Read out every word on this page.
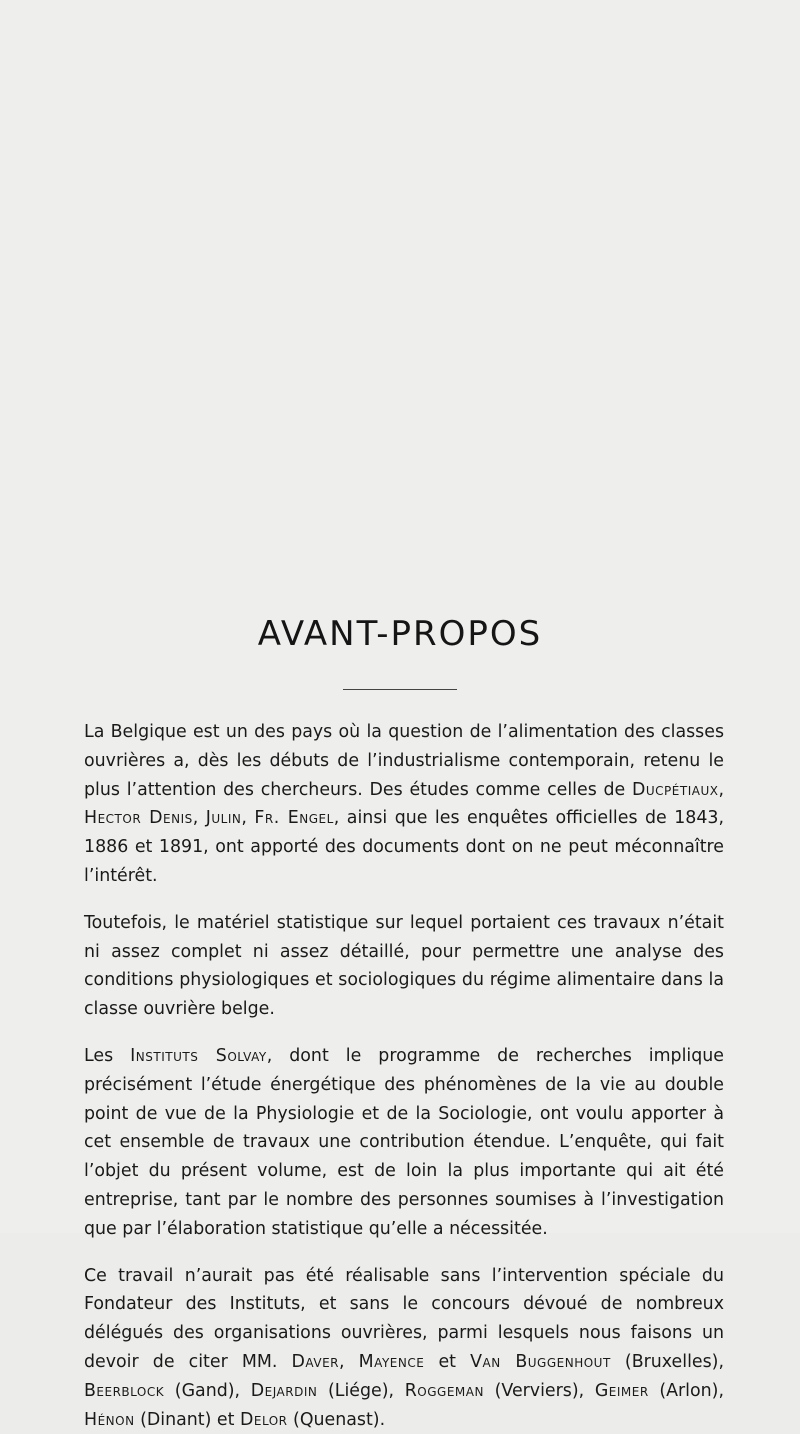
AVANT-PROPOS

La Belgique est un des pays où la question de l’alimentation des classes ouvrières a, dès les débuts de l’industrialisme contemporain, retenu le plus l’attention des chercheurs. Des études comme celles de Ducpétiaux, Hector Denis, Julin, Fr. Engel, ainsi que les enquêtes officielles de 1843, 1886 et 1891, ont apporté des documents dont on ne peut méconnaître l’intérêt.

Toutefois, le matériel statistique sur lequel portaient ces travaux n’était ni assez complet ni assez détaillé, pour permettre une analyse des conditions physiologiques et sociologiques du régime alimentaire dans la classe ouvrière belge.

Les Instituts Solvay, dont le programme de recherches implique précisément l’étude énergétique des phénomènes de la vie au double point de vue de la Physiologie et de la Sociologie, ont voulu apporter à cet ensemble de travaux une contribution étendue. L’enquête, qui fait l’objet du présent volume, est de loin la plus importante qui ait été entreprise, tant par le nombre des personnes soumises à l’investigation que par l’élaboration statistique qu’elle a nécessitée.

Ce travail n’aurait pas été réalisable sans l’intervention spéciale du Fondateur des Instituts, et sans le concours dévoué de nombreux délégués des organisations ouvrières, parmi lesquels nous faisons un devoir de citer MM. Daver, Mayence et Van Buggenhout (Bruxelles), Beerblock (Gand), Dejardin (Liége), Roggeman (Verviers), Geimer (Arlon), Hénon (Dinant) et Delor (Quenast).
